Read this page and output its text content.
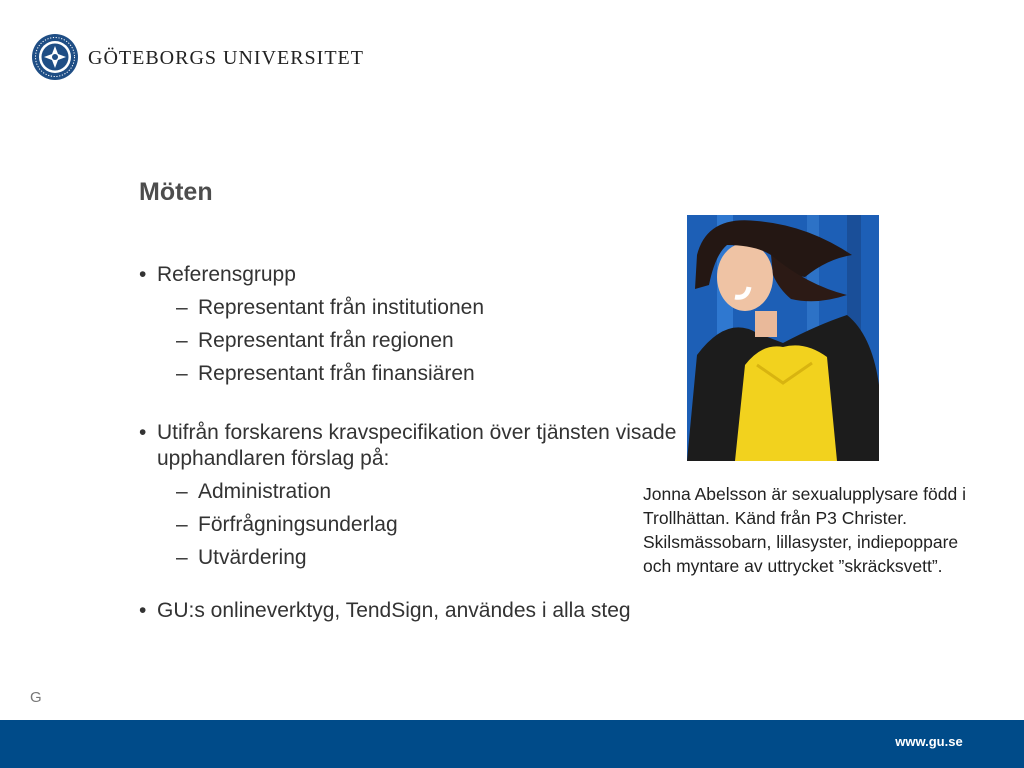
GÖTEBORGS UNIVERSITET
Möten
• Referensgrupp
– Representant från institutionen
– Representant från regionen
– Representant från finansiären
• Utifrån forskarens kravspecifikation över tjänsten visade upphandlaren förslag på:
– Administration
– Förfrågningsunderlag
– Utvärdering
• GU:s onlineverktyg, TendSign, användes i alla steg

Jonna Abelsson är sexualupplysare född i Trollhättan. Känd från P3 Christer. Skilsmässobarn, lillasyster, indiepoppare och myntare av uttrycket ”skräcksvett”.

G
www.gu.se
